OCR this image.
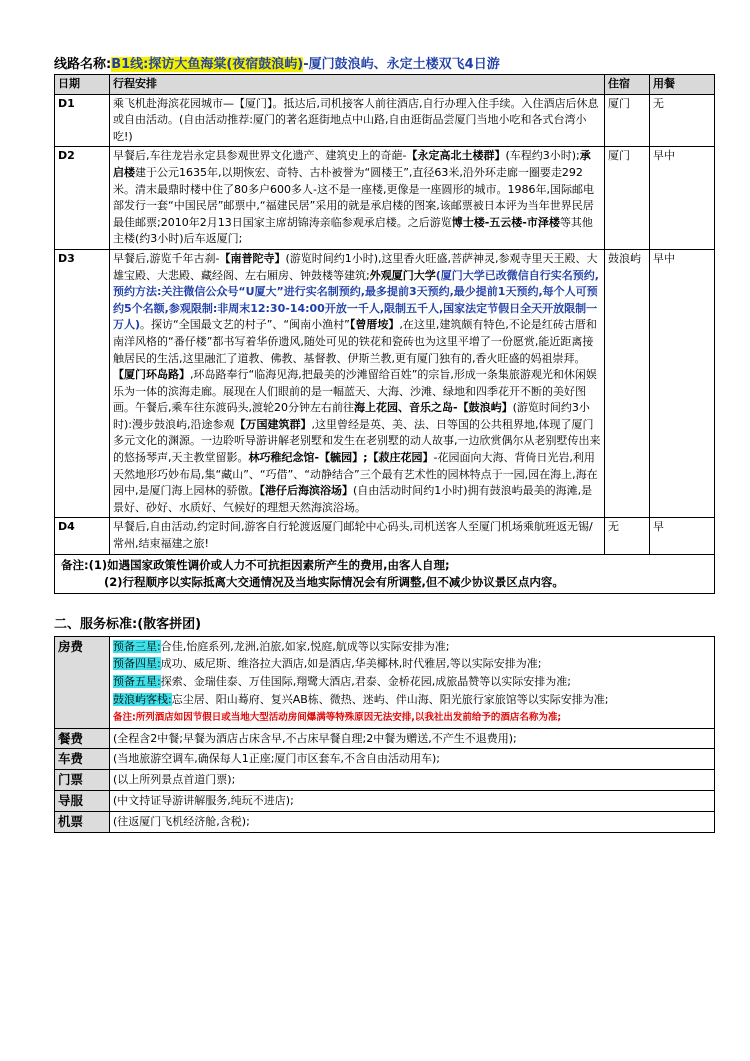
线路名称:B1线:探访大鱼海棠(夜宿鼓浪屿)-厦门鼓浪屿、永定土楼双飞4日游
日期	行程安排	住宿	用餐
D1	乘飞机赴海滨花园城市—【厦门】。抵达后,司机接客人前往酒店,自行办理入住手续。入住酒店后休息或自由活动。(自由活动推荐:厦门的著名逛街地点中山路,自由逛街品尝厦门当地小吃和各式台湾小吃!)	厦门	无
D2	早餐后,车往龙岩永定县参观世界文化遗产、建筑史上的奇葩-【永定高北土楼群】(车程约3小时);承启楼建于公元1635年,以期恢宏、奇特、古朴被誉为“圆楼王”,直径63米,沿外环走廊一圈要走292米。清末最鼎时楼中住了80多户600多人-这不是一座楼,更像是一座圆形的城市。1986年,国际邮电部发行一套“中国民居”邮票中,“福建民居”采用的就是承启楼的图案,该邮票被日本评为当年世界民居最佳邮票;2010年2月13日国家主席胡锦涛亲临参观承启楼。之后游览博士楼-五云楼-市泽楼等其他主楼(约3小时)后车返厦门;	厦门	早中
D3	早餐后,游览千年古刹-【南普陀寺】(游览时间约1小时),这里香火旺盛,菩萨神灵,参观寺里天王殿、大雄宝殿、大悲殿、藏经阁、左右厢房、钟鼓楼等建筑;外观厦门大学(厦门大学已改微信自行实名预约,预约方法:关注微信公众号“U厦大”进行实名制预约,最多提前3天预约,最少提前1天预约,每个人可预约5个名额,参观限制:非周末12:30-14:00开放一千人,限制五千人,国家法定节假日全天开放限制一万人)。探访“全国最文艺的村子”、“闽南小渔村”【曾厝垵】,在这里,建筑颇有特色,不论是红砖古厝和南洋风格的“番仔楼”都书写着华侨遗风,随处可见的铁花和瓷砖也为这里平增了一份愿赏,能近距离接触居民的生活,这里融汇了道教、佛教、基督教、伊斯兰教,更有厦门独有的,香火旺盛的妈祖崇拜。【厦门环岛路】,环岛路奉行“临海见海,把最美的沙滩留给百姓”的宗旨,形成一条集旅游观光和休闲娱乐为一体的滨海走廊。展现在人们眼前的是一幅蓝天、大海、沙滩、绿地和四季花开不断的美好图画。午餐后,乘车往东渡码头,渡轮20分钟左右前往海上花园、音乐之岛-【鼓浪屿】(游览时间约3小时):漫步鼓浪屿,沿途参观【万国建筑群】,这里曾经是英、美、法、日等国的公共租界地,体现了厦门多元文化的渊源。一边聆听导游讲解老别墅和发生在老别墅的动人故事,一边欣赏偶尔从老别墅传出来的悠扬琴声,天主教堂留影。林巧稚纪念馆-【毓园】;【菽庄花园】-花园面向大海、背倚日光岩,利用天然地形巧妙布局,集“藏山”、“巧借”、“动静结合”三个最有艺术性的园林特点于一园,园在海上,海在园中,是厦门海上园林的骄傲。【港仔后海滨浴场】(自由活动时间约1小时)拥有鼓浪屿最美的海滩,是景好、砂好、水质好、气候好的理想天然海滨浴场。	鼓浪屿	早中
D4	早餐后,自由活动,约定时间,游客自行轮渡返厦门邮轮中心码头,司机送客人至厦门机场乘航班返无锡/常州,结束福建之旅!	无	早

备注:(1)如遇国家政策性调价或人力不可抗拒因素所产生的费用,由客人自理;
(2)行程顺序以实际抵离大交通情况及当地实际情况会有所调整,但不减少协议景区点内容。			
二、服务标准:(散客拼团)
房费	预备三星:合佳,怡庭系列,龙洲,泊旅,如家,悦庭,航成等以实际安排为准;
预备四星:成功、威尼斯、维洛拉大酒店,如是酒店,华美椰林,时代雅居,等以实际安排为准;
预备五星:探索、金瑞佳泰、万佳国际,翔鹭大酒店,君泰、金桥花园,成旅晶赞等以实际安排为准;
鼓浪屿客栈:忘尘居、阳山蓦府、复兴AB栋、微热、迷屿、伴山海、阳光旅行家旅馆等以实际安排为准;
备注:所列酒店如因节假日或当地大型活动房间爆满等特殊原因无法安排,以我社出发前给予的酒店名称为准;

餐费	(全程含2中餐;早餐为酒店占床含早,不占床早餐自理;2中餐为赠送,不产生不退费用);
车费	(当地旅游空调车,确保每人1正座;厦门市区套车,不含自由活动用车);
门票	(以上所列景点首道门票);
导服	(中文持证导游讲解服务,纯玩不进店);
机票	(往返厦门飞机经济舱,含税);
